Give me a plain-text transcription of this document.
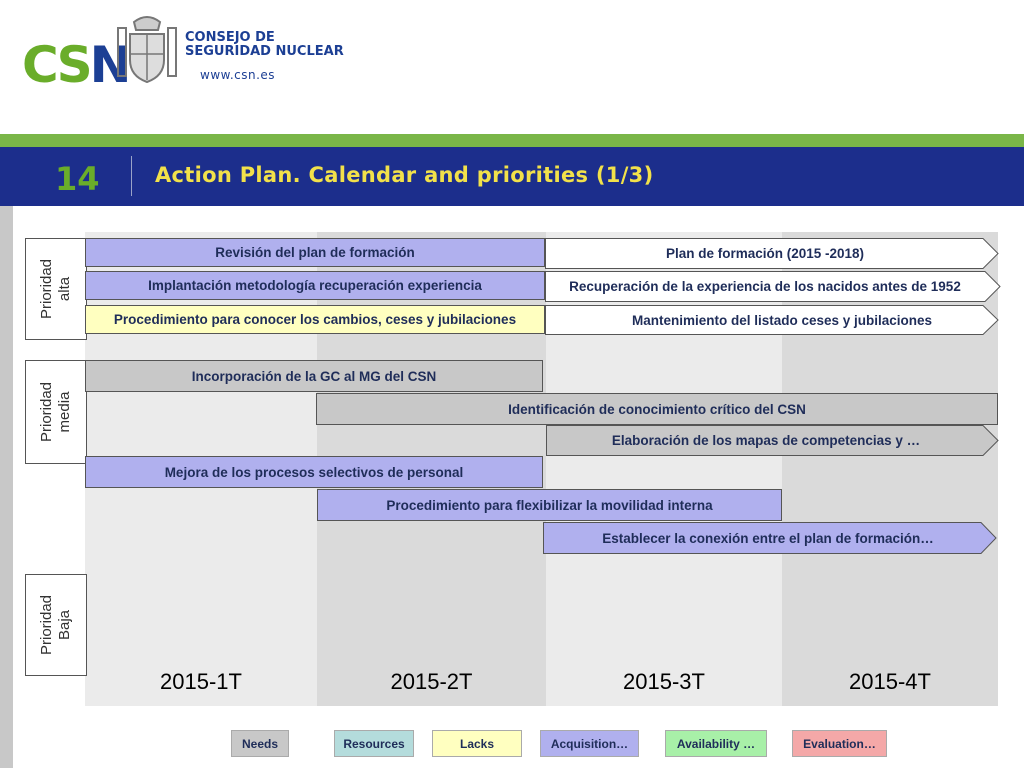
CSN	CONSEJO DE
SEGURIDAD NUCLEAR
www.csn.es
14	Action Plan. Calendar and priorities (1/3)
2015-1T	2015-2T	2015-3T	2015-4T
Prioridad alta
Prioridad media
Prioridad Baja
Revisión del plan de formación	Plan de formación (2015 -2018)
Implantación metodología recuperación experiencia	Recuperación de la experiencia de los nacidos antes de 1952
Procedimiento para conocer los cambios, ceses y jubilaciones	Mantenimiento del listado ceses y jubilaciones
Incorporación de la GC al MG del CSN
Identificación de conocimiento crítico del CSN
Elaboración de los mapas de competencias y …
Mejora de los procesos selectivos de personal
Procedimiento para flexibilizar la movilidad interna
Establecer la conexión entre el plan de formación…
Needs	Resources	Lacks	Acquisition…	Availability …	Evaluation…
